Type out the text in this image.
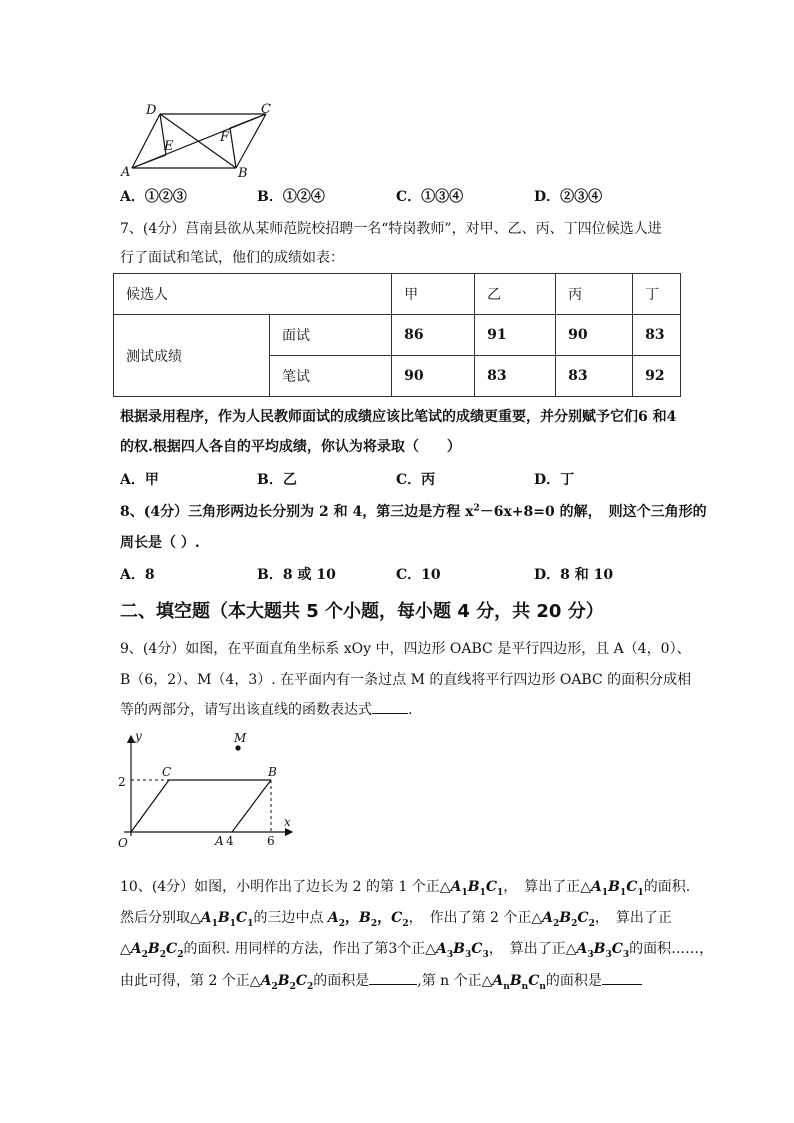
D	C
E
F
A	B
A．①②③	B．①②④	C．①③④	D．②③④
7、(4分）莒南县欲从某师范院校招聘一名“特岗教师”，对甲、乙、丙、丁四位候选人进
行了面试和笔试，他们的成绩如表：
候选人		甲	乙	丙	丁
测试成绩	面试	86	91	90	83
	笔试	90	83	83	92
根据录用程序，作为人民教师面试的成绩应该比笔试的成绩更重要，并分别赋予它们6 和4
的权.根据四人各自的平均成绩，你认为将录取（　　）
A．甲	B．乙	C．丙	D．丁
8、(4分）三角形两边长分别为 2 和 4，第三边是方程 $x^2-6x+8=0$ 的解，　则这个三角形的
周长是（ ）.
A．8	B．8 或 10	C．10	D．8 和 10
二、填空题（本大题共 5 个小题，每小题 4 分，共 20 分）
9、(4分）如图，在平面直角坐标系 xOy 中，四边形 OABC 是平行四边形，且 A（4，0）、
B（6，2）、M（4，3）. 在平面内有一条过点 M 的直线将平行四边形 OABC 的面积分成相
等的两部分，请写出该直线的函数表达式	.
y	M
2
C	B
x
O	A 4	6
10、(4分）如图，小明作出了边长为 2 的第 1 个正$\triangle A_1B_1C_1$，　算出了正$\triangle A_1B_1C_1$的面积.
然后分别取$\triangle A_1B_1C_1$的三边中点 $A_2$，$B_2$，$C_2$，　作出了第 2 个正$\triangle A_2B_2C_2$，　算出了正
$\triangle A_2B_2C_2$的面积. 用同样的方法，作出了第3个正$\triangle A_3B_3C_3$，　算出了正$\triangle A_3B_3C_3$的面积……，
由此可得，第 2 个正$\triangle A_2B_2C_2$的面积是	,第 n 个正$\triangle A_nB_nC_n$的面积是
